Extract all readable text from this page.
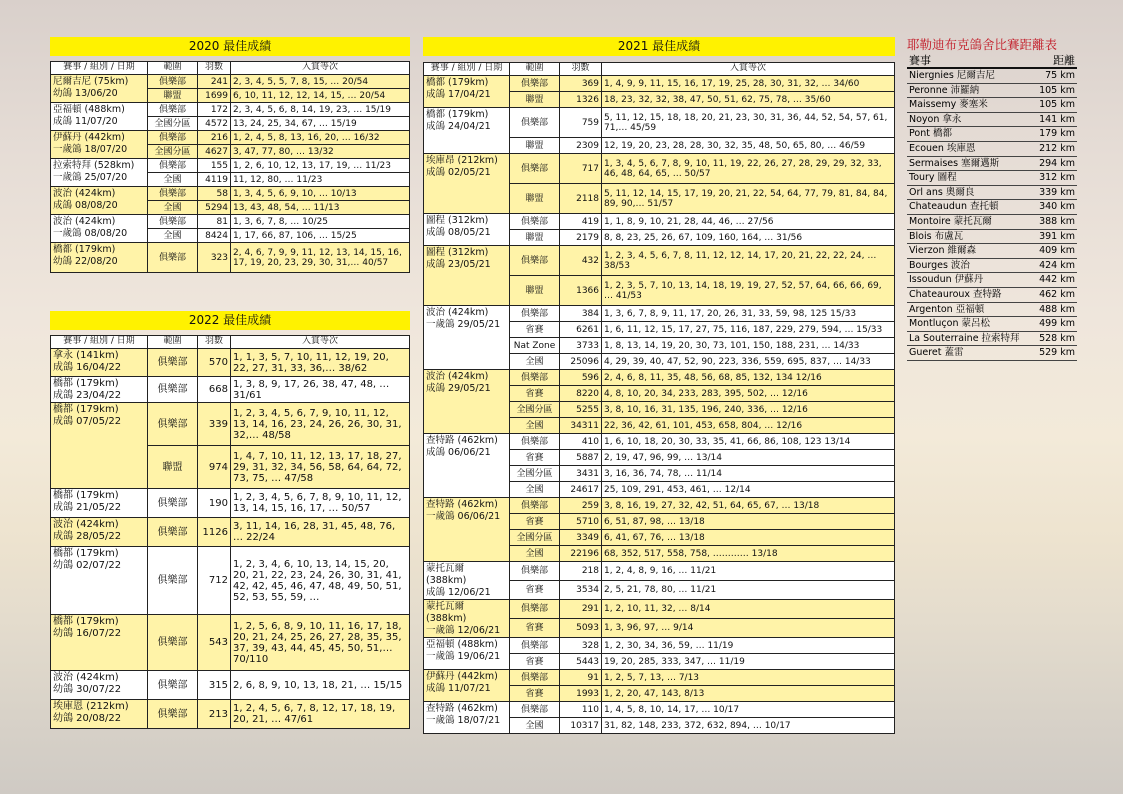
2020 最佳成績
賽事 / 組別 / 日期	範圍	羽數	入賞等次

尼爾吉尼 (75km)
幼鴿 13/06/20	俱樂部	241	2, 3, 4, 5, 5, 7, 8, 15, … 20/54
	聯盟	1699	6, 10, 11, 12, 12, 14, 15, … 20/54

亞福頓 (488km)
成鴿 11/07/20	俱樂部	172	2, 3, 4, 5, 6, 8, 14, 19, 23, … 15/19
	全國分區	4572	13, 24, 25, 34, 67, … 15/19

伊蘇丹 (442km)
一歲鴿 18/07/20	俱樂部	216	1, 2, 4, 5, 8, 13, 16, 20, … 16/32
	全國分區	4627	3, 47, 77, 80, … 13/32

拉索特拜 (528km)
一歲鴿 25/07/20	俱樂部	155	1, 2, 6, 10, 12, 13, 17, 19, … 11/23
	全國	4119	11, 12, 80, … 11/23

波治 (424km)
成鴿 08/08/20	俱樂部	58	1, 3, 4, 5, 6, 9, 10, … 10/13
	全國	5294	13, 43, 48, 54, … 11/13

波治 (424km)
一歲鴿 08/08/20	俱樂部	81	1, 3, 6, 7, 8, … 10/25
	全國	8424	1, 17, 66, 87, 106, … 15/25

橋都 (179km)
幼鴿 22/08/20	俱樂部	323	2, 4, 6, 7, 9, 9, 11, 12, 13, 14, 15, 16, 17, 19, 20, 23, 29, 30, 31,… 40/57
2022 最佳成績
賽事 / 組別 / 日期	範圍	羽數	入賞等次

拿永 (141km)
成鴿 16/04/22	俱樂部	570	1, 1, 3, 5, 7, 10, 11, 12, 19, 20, 22, 27, 31, 33, 36,… 38/62

橋都 (179km)
成鴿 23/04/22	俱樂部	668	1, 3, 8, 9, 17, 26, 38, 47, 48, … 31/61

橋都 (179km)
成鴿 07/05/22	俱樂部	339	1, 2, 3, 4, 5, 6, 7, 9, 10, 11, 12, 13, 14, 16, 23, 24, 26, 26, 30, 31, 32,… 48/58
	聯盟	974	1, 4, 7, 10, 11, 12, 13, 17, 18, 27, 29, 31, 32, 34, 56, 58, 64, 64, 72, 73, 75, … 47/58

橋都 (179km)
成鴿 21/05/22	俱樂部	190	1, 2, 3, 4, 5, 6, 7, 8, 9, 10, 11, 12, 13, 14, 15, 16, 17, … 50/57

波治 (424km)
成鴿 28/05/22	俱樂部	1126	3, 11, 14, 16, 28, 31, 45, 48, 76, … 22/24

橋都 (179km)
幼鴿 02/07/22	俱樂部	712	1, 2, 3, 4, 6, 10, 13, 14, 15, 20, 20, 21, 22, 23, 24, 26, 30, 31, 41, 42, 42, 45, 46, 47, 48, 49, 50, 51, 52, 53, 55, 59, …

橋都 (179km)
幼鴿 16/07/22	俱樂部	543	1, 2, 5, 6, 8, 9, 10, 11, 16, 17, 18, 20, 21, 24, 25, 26, 27, 28, 35, 35, 37, 39, 43, 44, 45, 45, 50, 51,… 70/110

波治 (424km)
幼鴿 30/07/22	俱樂部	315	2, 6, 8, 9, 10, 13, 18, 21, … 15/15

埃庫恩 (212km)
幼鴿 20/08/22	俱樂部	213	1, 2, 4, 5, 6, 7, 8, 12, 17, 18, 19, 20, 21, … 47/61
2021 最佳成績
賽事 / 組別 / 日期	範圍	羽數	入賞等次

橋都 (179km)
成鴿 17/04/21	俱樂部	369	1, 4, 9, 9, 11, 15, 16, 17, 19, 25, 28, 30, 31, 32, … 34/60
	聯盟	1326	18, 23, 32, 32, 38, 47, 50, 51, 62, 75, 78, … 35/60

橋都 (179km)
成鴿 24/04/21	俱樂部	759	5, 11, 12, 15, 18, 18, 20, 21, 23, 30, 31, 36, 44, 52, 54, 57, 61, 71,… 45/59
	聯盟	2309	12, 19, 20, 23, 28, 28, 30, 32, 35, 48, 50, 65, 80, … 46/59

埃庫昂 (212km)
成鴿 02/05/21	俱樂部	717	1, 3, 4, 5, 6, 7, 8, 9, 10, 11, 19, 22, 26, 27, 28, 29, 29, 32, 33, 46, 48, 64, 65, … 50/57
	聯盟	2118	5, 11, 12, 14, 15, 17, 19, 20, 21, 22, 54, 64, 77, 79, 81, 84, 84, 89, 90,… 51/57

圖程 (312km)
成鴿 08/05/21	俱樂部	419	1, 1, 8, 9, 10, 21, 28, 44, 46, … 27/56
	聯盟	2179	8, 8, 23, 25, 26, 67, 109, 160, 164, … 31/56

圖程 (312km)
成鴿 23/05/21	俱樂部	432	1, 2, 3, 4, 5, 6, 7, 8, 11, 12, 12, 14, 17, 20, 21, 22, 22, 24, … 38/53
	聯盟	1366	1, 2, 3, 5, 7, 10, 13, 14, 18, 19, 19, 27, 52, 57, 64, 66, 66, 69, … 41/53

波治 (424km)
一歲鴿 29/05/21	俱樂部	384	1, 3, 6, 7, 8, 9, 11, 17, 20, 26, 31, 33, 59, 98, 125 15/33
	省賽	6261	1, 6, 11, 12, 15, 17, 27, 75, 116, 187, 229, 279, 594, … 15/33
	Nat Zone	3733	1, 8, 13, 14, 19, 20, 30, 73, 101, 150, 188, 231, … 14/33
	全國	25096	4, 29, 39, 40, 47, 52, 90, 223, 336, 559, 695, 837, … 14/33

波治 (424km)
成鴿 29/05/21	俱樂部	596	2, 4, 6, 8, 11, 35, 48, 56, 68, 85, 132, 134 12/16
	省賽	8220	4, 8, 10, 20, 34, 233, 283, 395, 502, … 12/16
	全國分區	5255	3, 8, 10, 16, 31, 135, 196, 240, 336, … 12/16
	全國	34311	22, 36, 42, 61, 101, 453, 658, 804, … 12/16

查特路 (462km)
成鴿 06/06/21	俱樂部	410	1, 6, 10, 18, 20, 30, 33, 35, 41, 66, 86, 108, 123 13/14
	省賽	5887	2, 19, 47, 96, 99, … 13/14
	全國分區	3431	3, 16, 36, 74, 78, … 11/14
	全國	24617	25, 109, 291, 453, 461, … 12/14

查特路 (462km)
一歲鴿 06/06/21	俱樂部	259	3, 8, 16, 19, 27, 32, 42, 51, 64, 65, 67, … 13/18
	省賽	5710	6, 51, 87, 98, … 13/18
	全國分區	3349	6, 41, 67, 76, … 13/18
	全國	22196	68, 352, 517, 558, 758, ………… 13/18

蒙托瓦爾 (388km)
成鴿 12/06/21	俱樂部	218	1, 2, 4, 8, 9, 16, … 11/21
	省賽	3534	2, 5, 21, 78, 80, … 11/21

蒙托瓦爾 (388km)
一歲鴿 12/06/21	俱樂部	291	1, 2, 10, 11, 32, … 8/14
	省賽	5093	1, 3, 96, 97, … 9/14

亞福頓 (488km)
一歲鴿 19/06/21	俱樂部	328	1, 2, 30, 34, 36, 59, … 11/19
	省賽	5443	19, 20, 285, 333, 347, … 11/19

伊蘇丹 (442km)
成鴿 11/07/21	俱樂部	91	1, 2, 5, 7, 13, … 7/13
	省賽	1993	1, 2, 20, 47, 143, 8/13

查特路 (462km)
一歲鴿 18/07/21	俱樂部	110	1, 4, 5, 8, 10, 14, 17, … 10/17
	全國	10317	31, 82, 148, 233, 372, 632, 894, … 10/17
耶勒迪布克鴿舍比賽距離表
賽事	距離
Niergnies 尼爾吉尼	75 km
Peronne 沛羅納	105 km
Maissemy 麥塞米	105 km
Noyon 拿永	141 km
Pont 橋都	179 km
Ecouen 埃庫恩	212 km
Sermaises 塞爾邁斯	294 km
Toury 圖程	312 km
Orl ans 奧爾良	339 km
Chateaudun 查托頓	340 km
Montoire 蒙托瓦爾	388 km
Blois 布盧瓦	391 km
Vierzon 維爾森	409 km
Bourges 波治	424 km
Issoudun 伊蘇丹	442 km
Chateauroux 查特路	462 km
Argenton 亞福頓	488 km
Montluçon 蒙呂松	499 km
La Souterraine 拉索特拜 528 km
Gueret 蓋雷	529 km
